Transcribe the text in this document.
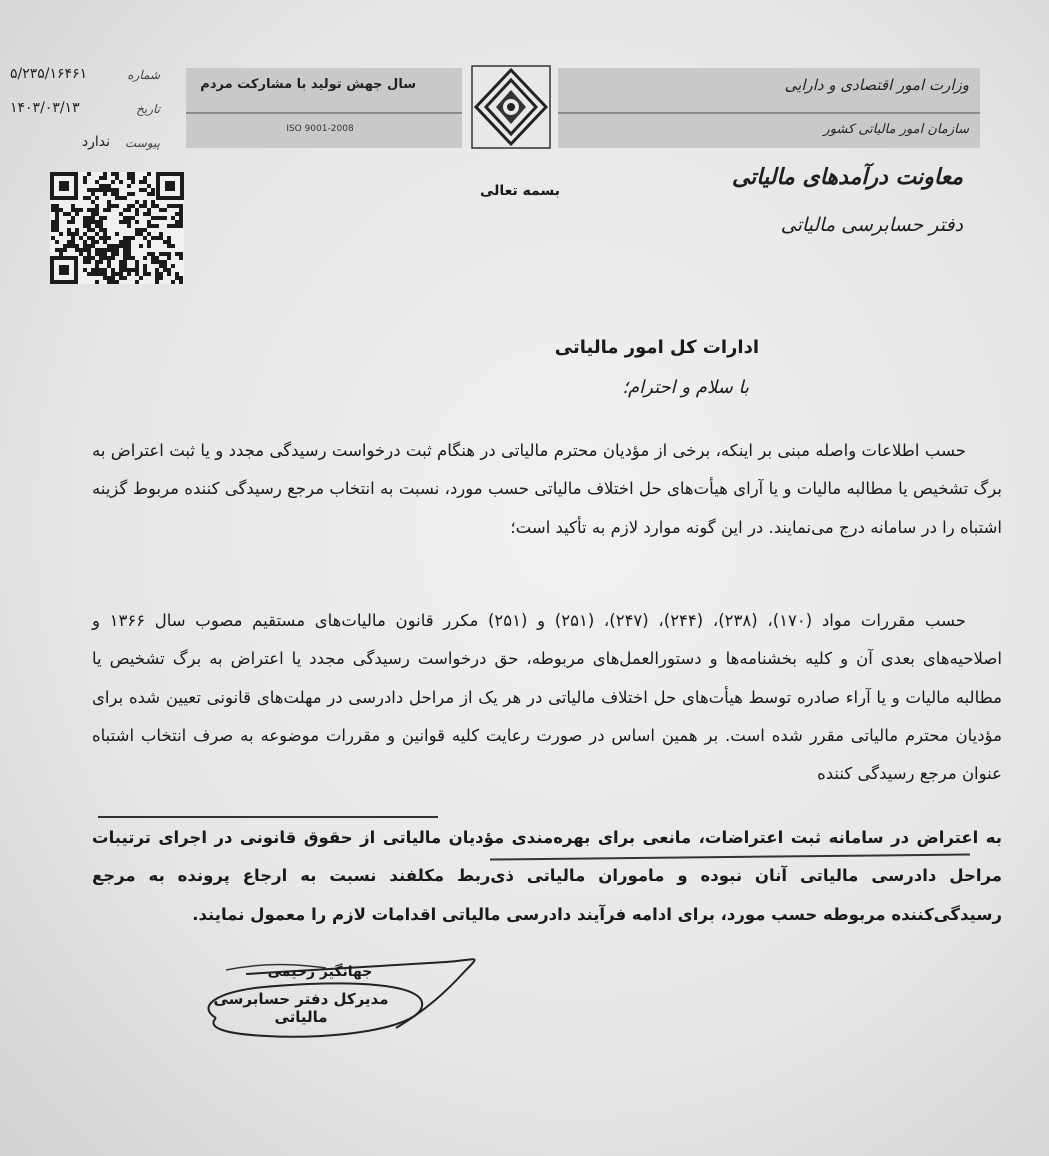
سال جهش تولید با مشارکت مردم
ISO 9001-2008
وزارت امور اقتصادی و دارایی
سازمان امور مالیاتی کشور
معاونت درآمدهای مالیاتی
دفتر حسابرسی مالیاتی
بسمه تعالی
۵/۲۳۵/۱۶۴۶۱	شماره
۱۴۰۳/۰۳/۱۳	تاریخ
ندارد	پیوست
ادارات کل امور مالیاتی
با سلام و احترام؛
حسب اطلاعات واصله مبنی بر اینکه، برخی از مؤدیان محترم مالیاتی در هنگام ثبت درخواست رسیدگی مجدد و یا ثبت اعتراض به برگ تشخیص یا مطالبه مالیات و یا آرای هیأت‌های حل اختلاف مالیاتی حسب مورد، نسبت به انتخاب مرجع رسیدگی کننده مربوط گزینه اشتباه را در سامانه درج می‌نمایند. در این گونه موارد لازم به تأکید است؛
حسب مقررات مواد (۱۷۰)، (۲۳۸)، (۲۴۴)، (۲۴۷)، (۲۵۱) و (۲۵۱) مکرر قانون مالیات‌های مستقیم مصوب سال ۱۳۶۶ و اصلاحیه‌های بعدی آن و کلیه بخشنامه‌ها و دستورالعمل‌های مربوطه، حق درخواست رسیدگی مجدد یا اعتراض به برگ تشخیص یا مطالبه مالیات و یا آراء صادره توسط هیأت‌های حل اختلاف مالیاتی در هر یک از مراحل دادرسی در مهلت‌های قانونی تعیین شده برای مؤدیان محترم مالیاتی مقرر شده است. بر همین اساس در صورت رعایت کلیه قوانین و مقررات موضوعه به صرف انتخاب اشتباه عنوان مرجع رسیدگی کننده
به اعتراض در سامانه ثبت اعتراضات، مانعی برای بهره‌مندی مؤدیان مالیاتی از حقوق قانونی در اجرای ترتیبات مراحل دادرسی مالیاتی آنان نبوده و ماموران مالیاتی ذی‌ربط مکلفند نسبت به ارجاع پرونده به مرجع رسیدگی‌کننده مربوطه حسب مورد، برای ادامه فرآیند دادرسی مالیاتی اقدامات لازم را معمول نمایند.
جهانگیر رحیمی
مدیرکل دفتر حسابرسی مالیاتی
